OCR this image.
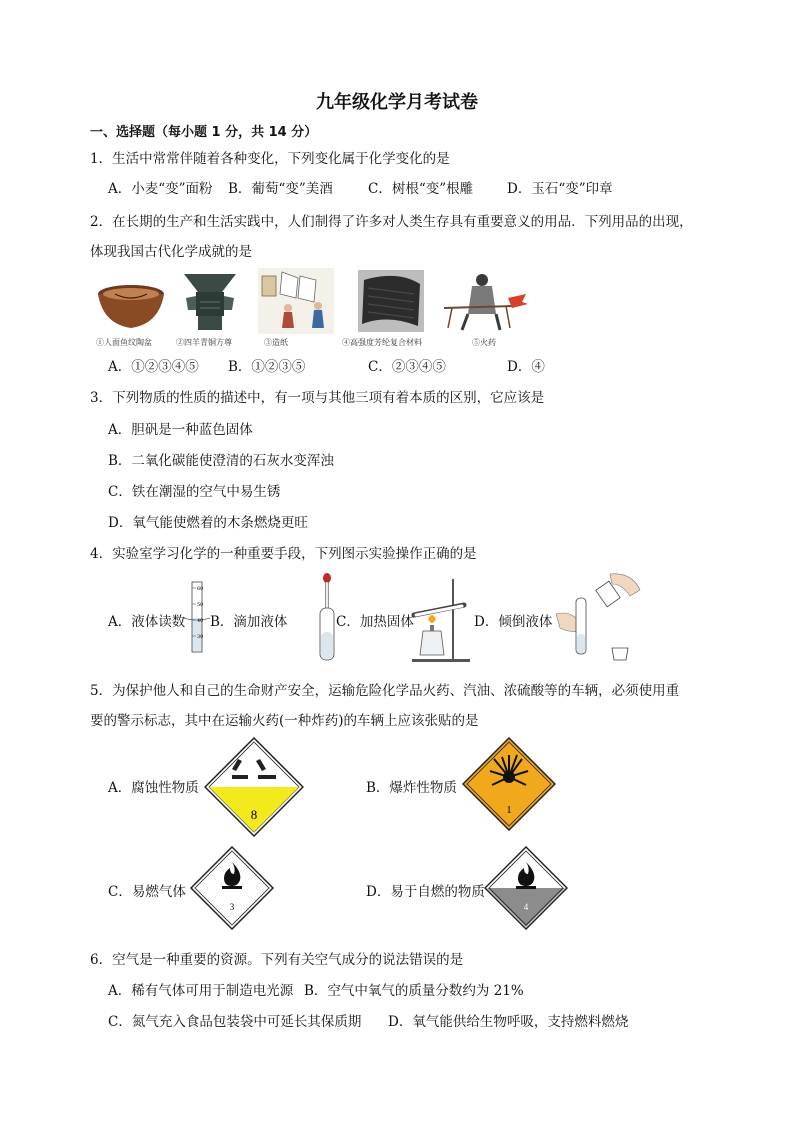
九年级化学月考试卷
一、选择题（每小题 1 分，共 14 分）
1．生活中常常伴随着各种变化，下列变化属于化学变化的是
A．小麦“变”面粉 B．葡萄“变”美酒	C．树根“变”根雕	D．玉石“变”印章
2．在长期的生产和生活实践中，人们制得了许多对人类生存具有重要意义的用品．下列用品的出现，
体现我国古代化学成就的是
①人面鱼纹陶盆	②四羊青铜方尊	③造纸	④高强度芳纶复合材料	⑤火药
A．①②③④⑤ B．①②③⑤	C．②③④⑤	D．④
3．下列物质的性质的描述中，有一项与其他三项有着本质的区别，它应该是
A．胆矾是一种蓝色固体
B．二氧化碳能使澄清的石灰水变浑浊
C．铁在潮湿的空气中易生锈
D．氧气能使燃着的木条燃烧更旺
4．实验室学习化学的一种重要手段，下列图示实验操作正确的是
A．液体读数
60
50
40
30
B．滴加液体	C．加热固体	D．倾倒液体
5．为保护他人和自己的生命财产安全，运输危险化学品火药、汽油、浓硫酸等的车辆，必须使用重
要的警示标志，其中在运输火药(一种炸药)的车辆上应该张贴的是
A．腐蚀性物质
8
B．爆炸性物质
1
C．易燃气体
3
D．易于自燃的物质
4
6．空气是一种重要的资源。下列有关空气成分的说法错误的是
A．稀有气体可用于制造电光源 B．空气中氧气的质量分数约为 21%
C．氮气充入食品包装袋中可延长其保质期 D．氧气能供给生物呼吸，支持燃料燃烧
